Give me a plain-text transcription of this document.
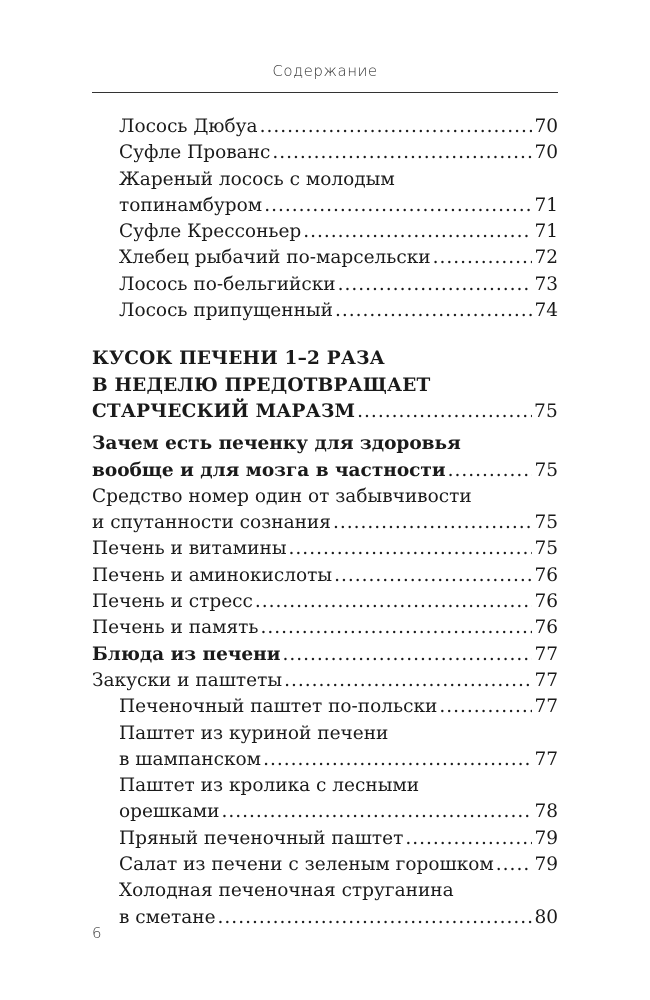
Содержание
Лосось Дюбуа .....	70
Суфле Прованс .....	70
Жареный лосось с молодым
топинамбуром .....	71
Суфле Крессоньер .....	71
Хлебец рыбачий по-марсельски .....	72
Лосось по-бельгийски .....	73
Лосось припущенный .....	74
КУСОК ПЕЧЕНИ 1–2 РАЗА
В НЕДЕЛЮ ПРЕДОТВРАЩАЕТ
СТАРЧЕСКИЙ МАРАЗМ .....	75
Зачем есть печенку для здоровья
вообще и для мозга в частности .....	75
Средство номер один от забывчивости
и спутанности сознания .....	75
Печень и витамины .....	75
Печень и аминокислоты .....	76
Печень и стресс .....	76
Печень и память .....	76
Блюда из печени .....	77
Закуски и паштеты .....	77
Печеночный паштет по-польски .....	77
Паштет из куриной печени
в шампанском .....	77
Паштет из кролика с лесными
орешками .....	78
Пряный печеночный паштет .....	79
Салат из печени с зеленым горошком ..... 79
Холодная печеночная струганина
в сметане .....	80
6
